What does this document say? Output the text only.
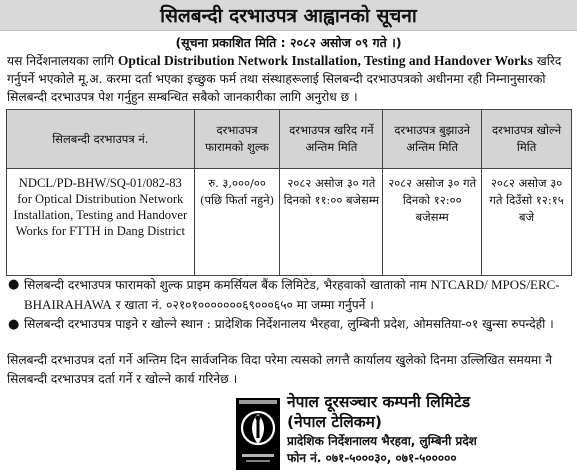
सिलबन्दी दरभाउपत्र आह्वानको सूचना
(सूचना प्रकाशित मिति : २०८२ असोज ०९ गते ।)
यस निर्देशनालयका लागि Optical Distribution Network Installation, Testing and Handover Works खरिद गर्नुपर्ने भएकोले मू.अ. करमा दर्ता भएका इच्छुक फर्म तथा संस्थाहरूलाई सिलबन्दी दरभाउपत्रको अधीनमा रही निम्नानुसारको सिलबन्दी दरभाउपत्र पेश गर्नुहुन सम्बन्धित सबैको जानकारीका लागि अनुरोध छ ।
सिलबन्दी दरभाउपत्र नं.	दरभाउपत्र फारामको शुल्क	दरभाउपत्र खरिद गर्ने अन्तिम मिति	दरभाउपत्र बुझाउने अन्तिम मिति	दरभाउपत्र खोल्ने मिति
NDCL/PD-BHW/SQ-01/082-83 for Optical Distribution Network Installation, Testing and Handover Works for FTTH in Dang District	रु. ३,०००/०० (पछि फिर्ता नहुने)	२०८२ असोज ३० गते दिनको ११:०० बजेसम्म	२०८२ असोज ३० गते दिनको १२:०० बजेसम्म	२०८२ असोज ३० गते दिउँसो १२:१५ बजे
● सिलबन्दी दरभाउपत्र फारामको शुल्क प्राइम कमर्सियल बैंक लिमिटेड, भैरहवाको खाताको नाम NTCARD/ MPOS/ERC-BHAIRAHAWA र खाता नं. ०२१०१०००००००६९०००६५० मा जम्मा गर्नुपर्ने ।
● सिलबन्दी दरभाउपत्र पाइने र खोल्ने स्थान : प्रादेशिक निर्देशनालय भैरहवा, लुम्बिनी प्रदेश, ओमसतिया-०१ खुन्सा रुपन्देही ।
सिलबन्दी दरभाउपत्र दर्ता गर्ने अन्तिम दिन सार्वजनिक विदा परेमा त्यसको लगत्तै कार्यालय खुलेको दिनमा उल्लिखित समयमा नै सिलबन्दी दरभाउपत्र दर्ता गर्ने र खोल्ने कार्य गरिनेछ ।
नेपाल दूरसञ्चार कम्पनी लिमिटेड
(नेपाल टेलिकम)
प्रादेशिक निर्देशनालय भैरहवा, लुम्बिनी प्रदेश
फोन नं. ०७१-५०००३०, ०७१-५०००००
